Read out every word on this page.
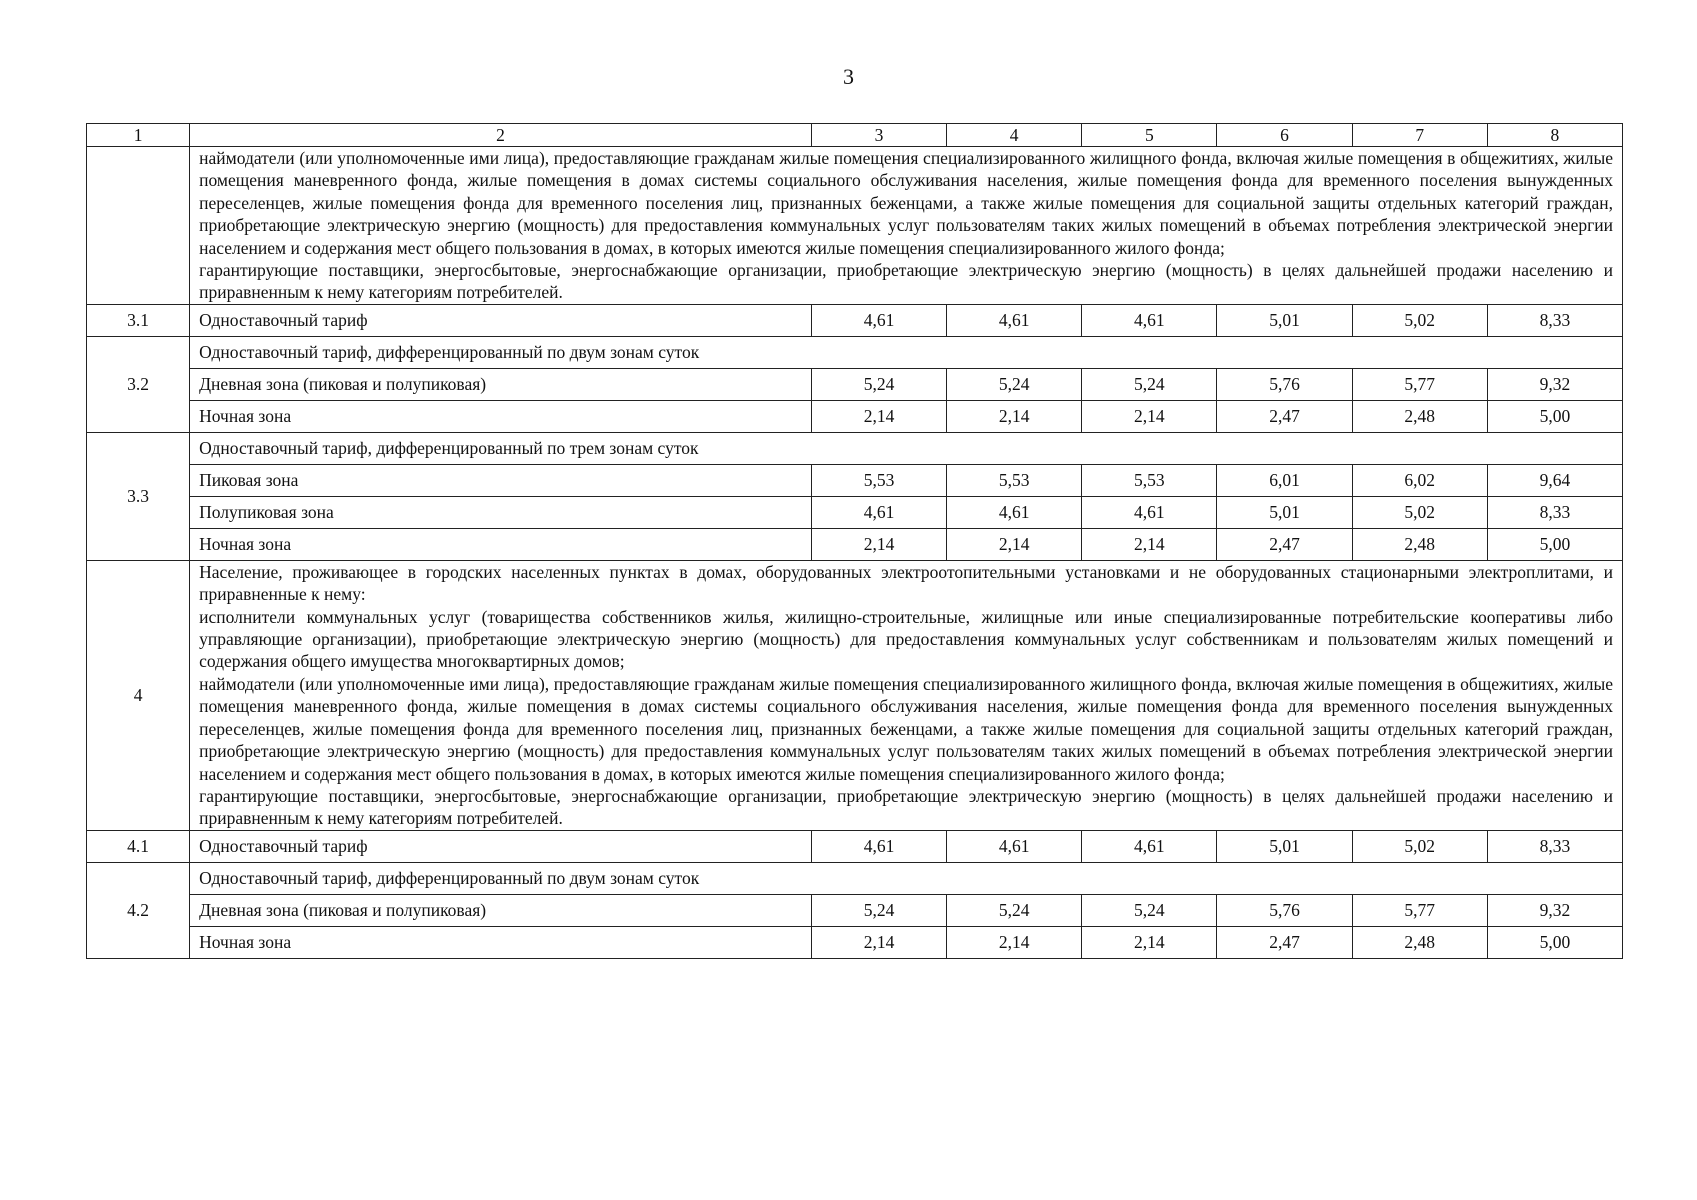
3
1	2	3	4	5	6	7	8

	наймодатели (или уполномоченные ими лица), предоставляющие гражданам жилые помещения специализированного жилищного фонда, включая жилые помещения в общежитиях, жилые помещения маневренного фонда, жилые помещения в домах системы социального обслуживания населения, жилые помещения фонда для временного поселения вынужденных переселенцев, жилые помещения фонда для временного поселения лиц, признанных беженцами, а также жилые помещения для социальной защиты отдельных категорий граждан, приобретающие электрическую энергию (мощность) для предоставления коммунальных услуг пользователям таких жилых помещений в объемах потребления электрической энергии населением и содержания мест общего пользования в домах, в которых имеются жилые помещения специализированного жилого фонда;

гарантирующие поставщики, энергосбытовые, энергоснабжающие организации, приобретающие электрическую энергию (мощность) в целях дальнейшей продажи населению и приравненным к нему категориям потребителей.						

3.1	Одноставочный тариф	4,61	4,61	4,61	5,01	5,02	8,33
3.2	Одноставочный тариф, дифференцированный по двум зонам суток						
	Дневная зона (пиковая и полупиковая)	5,24	5,24	5,24	5,76	5,77	9,32
	Ночная зона	2,14	2,14	2,14	2,47	2,48	5,00
3.3	Одноставочный тариф, дифференцированный по трем зонам суток						
	Пиковая зона	5,53	5,53	5,53	6,01	6,02	9,64
	Полупиковая зона	4,61	4,61	4,61	5,01	5,02	8,33
	Ночная зона	2,14	2,14	2,14	2,47	2,48	5,00
4	Население, проживающее в городских населенных пунктах в домах, оборудованных электроотопительными установками и не оборудованных стационарными электроплитами, и приравненные к нему:

исполнители коммунальных услуг (товарищества собственников жилья, жилищно-строительные, жилищные или иные специализированные потребительские кооперативы либо управляющие организации), приобретающие электрическую энергию (мощность) для предоставления коммунальных услуг собственникам и пользователям жилых помещений и содержания общего имущества многоквартирных домов;

наймодатели (или уполномоченные ими лица), предоставляющие гражданам жилые помещения специализированного жилищного фонда, включая жилые помещения в общежитиях, жилые помещения маневренного фонда, жилые помещения в домах системы социального обслуживания населения, жилые помещения фонда для временного поселения вынужденных переселенцев, жилые помещения фонда для временного поселения лиц, признанных беженцами, а также жилые помещения для социальной защиты отдельных категорий граждан, приобретающие электрическую энергию (мощность) для предоставления коммунальных услуг пользователям таких жилых помещений в объемах потребления электрической энергии населением и содержания мест общего пользования в домах, в которых имеются жилые помещения специализированного жилого фонда;

гарантирующие поставщики, энергосбытовые, энергоснабжающие организации, приобретающие электрическую энергию (мощность) в целях дальнейшей продажи населению и приравненным к нему категориям потребителей.						

4.1	Одноставочный тариф	4,61	4,61	4,61	5,01	5,02	8,33
4.2	Одноставочный тариф, дифференцированный по двум зонам суток						
	Дневная зона (пиковая и полупиковая)	5,24	5,24	5,24	5,76	5,77	9,32
	Ночная зона	2,14	2,14	2,14	2,47	2,48	5,00
